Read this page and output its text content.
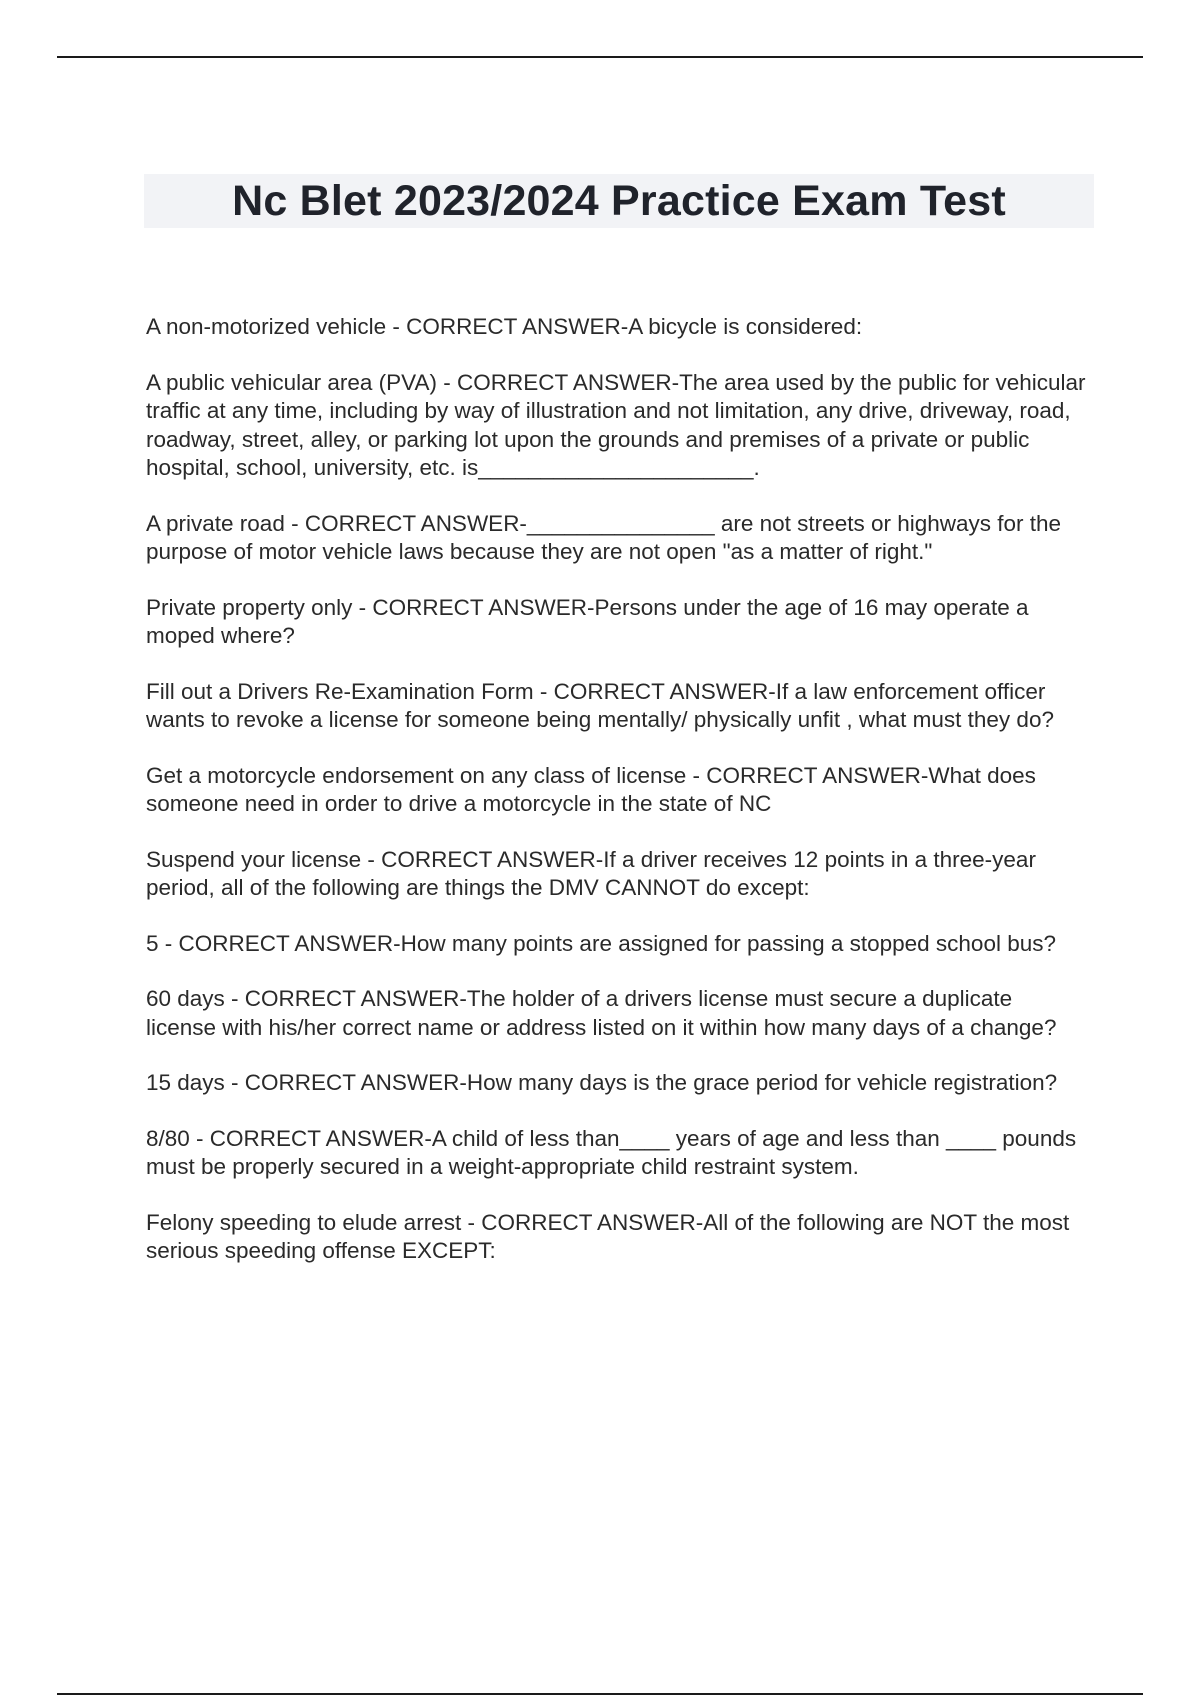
Nc Blet 2023/2024 Practice Exam Test
A non-motorized vehicle - CORRECT ANSWER-A bicycle is considered:
A public vehicular area (PVA) - CORRECT ANSWER-The area used by the public for vehicular traffic at any time, including by way of illustration and not limitation, any drive, driveway, road, roadway, street, alley, or parking lot upon the grounds and premises of a private or public hospital, school, university, etc. is______________________.
A private road - CORRECT ANSWER-_______________ are not streets or highways for the purpose of motor vehicle laws because they are not open "as a matter of right."
Private property only - CORRECT ANSWER-Persons under the age of 16 may operate a moped where?
Fill out a Drivers Re-Examination Form - CORRECT ANSWER-If a law enforcement officer wants to revoke a license for someone being mentally/ physically unfit , what must they do?
Get a motorcycle endorsement on any class of license - CORRECT ANSWER-What does someone need in order to drive a motorcycle in the state of NC
Suspend your license - CORRECT ANSWER-If a driver receives 12 points in a three-year period, all of the following are things the DMV CANNOT do except:
5 - CORRECT ANSWER-How many points are assigned for passing a stopped school bus?
60 days - CORRECT ANSWER-The holder of a drivers license must secure a duplicate license with his/her correct name or address listed on it within how many days of a change?
15 days - CORRECT ANSWER-How many days is the grace period for vehicle registration?
8/80 - CORRECT ANSWER-A child of less than____ years of age and less than ____ pounds must be properly secured in a weight-appropriate child restraint system.
Felony speeding to elude arrest - CORRECT ANSWER-All of the following are NOT the most serious speeding offense EXCEPT:
